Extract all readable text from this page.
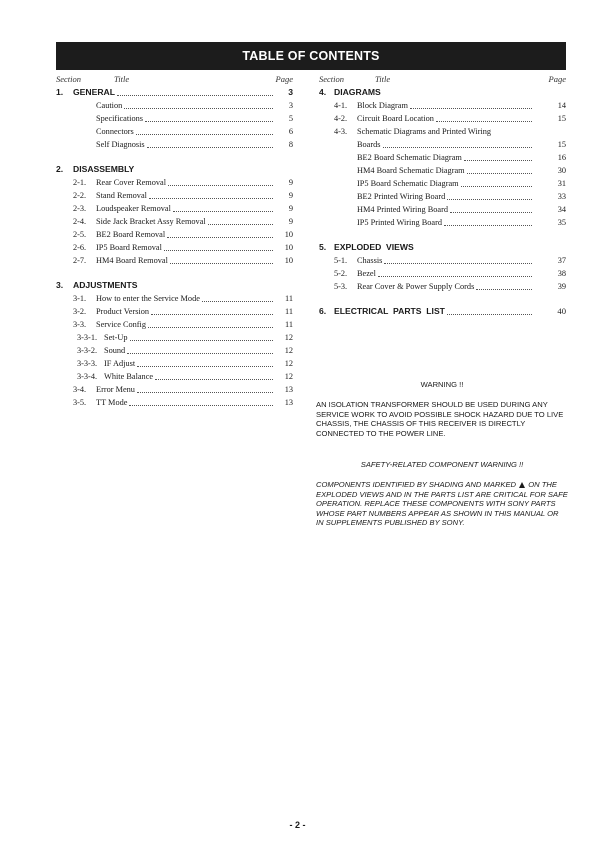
TABLE OF CONTENTS
Section	Title	Page
1. GENERAL	3
Caution	3
Specifications	5
Connectors	6
Self Diagnosis	8
2. DISASSEMBLY
2-1. Rear Cover Removal	9
2-2. Stand Removal	9
2-3. Loudspeaker Removal	9
2-4. Side Jack Bracket Assy Removal	9
2-5. BE2 Board Removal	10
2-6. IP5 Board Removal	10
2-7. HM4 Board Removal	10
3. ADJUSTMENTS
3-1. How to enter the Service Mode	11
3-2. Product Version	11
3-3. Service Config	11
3-3-1. Set-Up	12
3-3-2. Sound	12
3-3-3. IF Adjust	12
3-3-4. White Balance	12
3-4. Error Menu	13
3-5. TT Mode	13
Section	Title	Page
4. DIAGRAMS
4-1. Block Diagram	14
4-2. Circuit Board Location	15
4-3. Schematic Diagrams and Printed Wiring
Boards	15
BE2 Board Schematic Diagram	16
HM4 Board Schematic Diagram	30
IP5 Board Schematic Diagram	31
BE2 Printed Wiring Board	33
HM4 Printed Wiring Board	34
IP5 Printed Wiring Board	35
5. EXPLODED  VIEWS
5-1. Chassis	37
5-2. Bezel	38
5-3. Rear Cover & Power Supply Cords	39
6. ELECTRICAL  PARTS  LIST	40
WARNING !!
AN ISOLATION TRANSFORMER SHOULD BE USED DURING ANY SERVICE WORK TO AVOID POSSIBLE SHOCK HAZARD DUE TO LIVE CHASSIS, THE CHASSIS OF THIS RECEIVER IS DIRECTLY CONNECTED TO THE POWER LINE.
SAFETY-RELATED COMPONENT WARNING !!
COMPONENTS IDENTIFIED BY SHADING AND MARKED ON THE EXPLODED VIEWS AND IN THE PARTS LIST ARE CRITICAL FOR SAFE OPERATION. REPLACE THESE COMPONENTS WITH SONY PARTS WHOSE PART NUMBERS APPEAR AS SHOWN IN THIS MANUAL OR IN SUPPLEMENTS PUBLISHED BY SONY.
- 2 -
